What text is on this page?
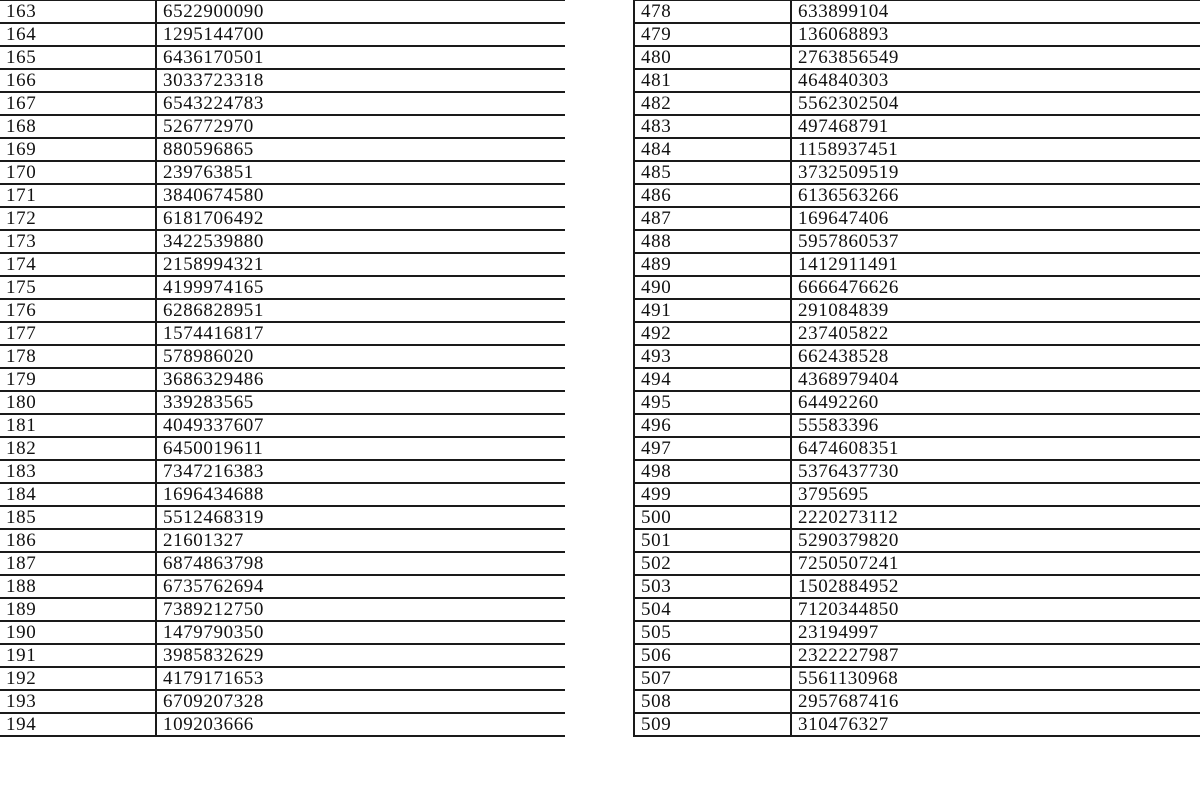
163	6522900090
164	1295144700
165	6436170501
166	3033723318
167	6543224783
168	526772970
169	880596865
170	239763851
171	3840674580
172	6181706492
173	3422539880
174	2158994321
175	4199974165
176	6286828951
177	1574416817
178	578986020
179	3686329486
180	339283565
181	4049337607
182	6450019611
183	7347216383
184	1696434688
185	5512468319
186	21601327
187	6874863798
188	6735762694
189	7389212750
190	1479790350
191	3985832629
192	4179171653
193	6709207328
194	109203666
478	633899104
479	136068893
480	2763856549
481	464840303
482	5562302504
483	497468791
484	1158937451
485	3732509519
486	6136563266
487	169647406
488	5957860537
489	1412911491
490	6666476626
491	291084839
492	237405822
493	662438528
494	4368979404
495	64492260
496	55583396
497	6474608351
498	5376437730
499	3795695
500	2220273112
501	5290379820
502	7250507241
503	1502884952
504	7120344850
505	23194997
506	2322227987
507	5561130968
508	2957687416
509	310476327
